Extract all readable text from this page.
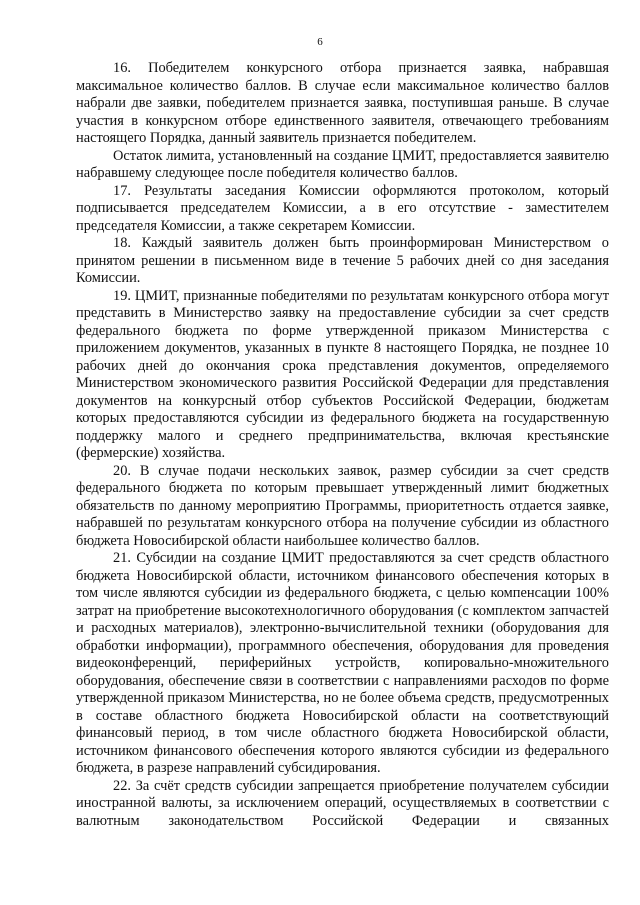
6

16. Победителем конкурсного отбора признается заявка, набравшая максимальное количество баллов. В случае если максимальное количество баллов набрали две заявки, победителем признается заявка, поступившая раньше. В случае участия в конкурсном отборе единственного заявителя, отвечающего требованиям настоящего Порядка, данный заявитель признается победителем.

Остаток лимита, установленный на создание ЦМИТ, предоставляется заявителю набравшему следующее после победителя количество баллов.

17. Результаты заседания Комиссии оформляются протоколом, который подписывается председателем Комиссии, а в его отсутствие - заместителем председателя Комиссии, а также секретарем Комиссии.

18. Каждый заявитель должен быть проинформирован Министерством о принятом решении в письменном виде в течение 5 рабочих дней со дня заседания Комиссии.

19. ЦМИТ, признанные победителями по результатам конкурсного отбора могут представить в Министерство заявку на предоставление субсидии за счет средств федерального бюджета по форме утвержденной приказом Министерства с приложением документов, указанных в пункте 8 настоящего Порядка, не позднее 10 рабочих дней до окончания срока представления документов, определяемого Министерством экономического развития Российской Федерации для представления документов на конкурсный отбор субъектов Российской Федерации, бюджетам которых предоставляются субсидии из федерального бюджета на государственную поддержку малого и среднего предпринимательства, включая крестьянские (фермерские) хозяйства.

20. В случае подачи нескольких заявок, размер субсидии за счет средств федерального бюджета по которым превышает утвержденный лимит бюджетных обязательств по данному мероприятию Программы, приоритетность отдается заявке, набравшей по результатам конкурсного отбора на получение субсидии из областного бюджета Новосибирской области наибольшее количество баллов.

21. Субсидии на создание ЦМИТ предоставляются за счет средств областного бюджета Новосибирской области, источником финансового обеспечения которых в том числе являются субсидии из федерального бюджета, с целью компенсации 100% затрат на приобретение высокотехнологичного оборудования (с комплектом запчастей и расходных материалов), электронно-вычислительной техники (оборудования для обработки информации), программного обеспечения, оборудования для проведения видеоконференций, периферийных устройств, копировально-множительного оборудования, обеспечение связи в соответствии с направлениями расходов по форме утвержденной приказом Министерства, но не более объема средств, предусмотренных в составе областного бюджета Новосибирской области на соответствующий финансовый период, в том числе областного бюджета Новосибирской области, источником финансового обеспечения которого являются субсидии из федерального бюджета, в разрезе направлений субсидирования.

22. За счёт средств субсидии запрещается приобретение получателем субсидии иностранной валюты, за исключением операций, осуществляемых в соответствии с валютным законодательством Российской Федерации и связанных
